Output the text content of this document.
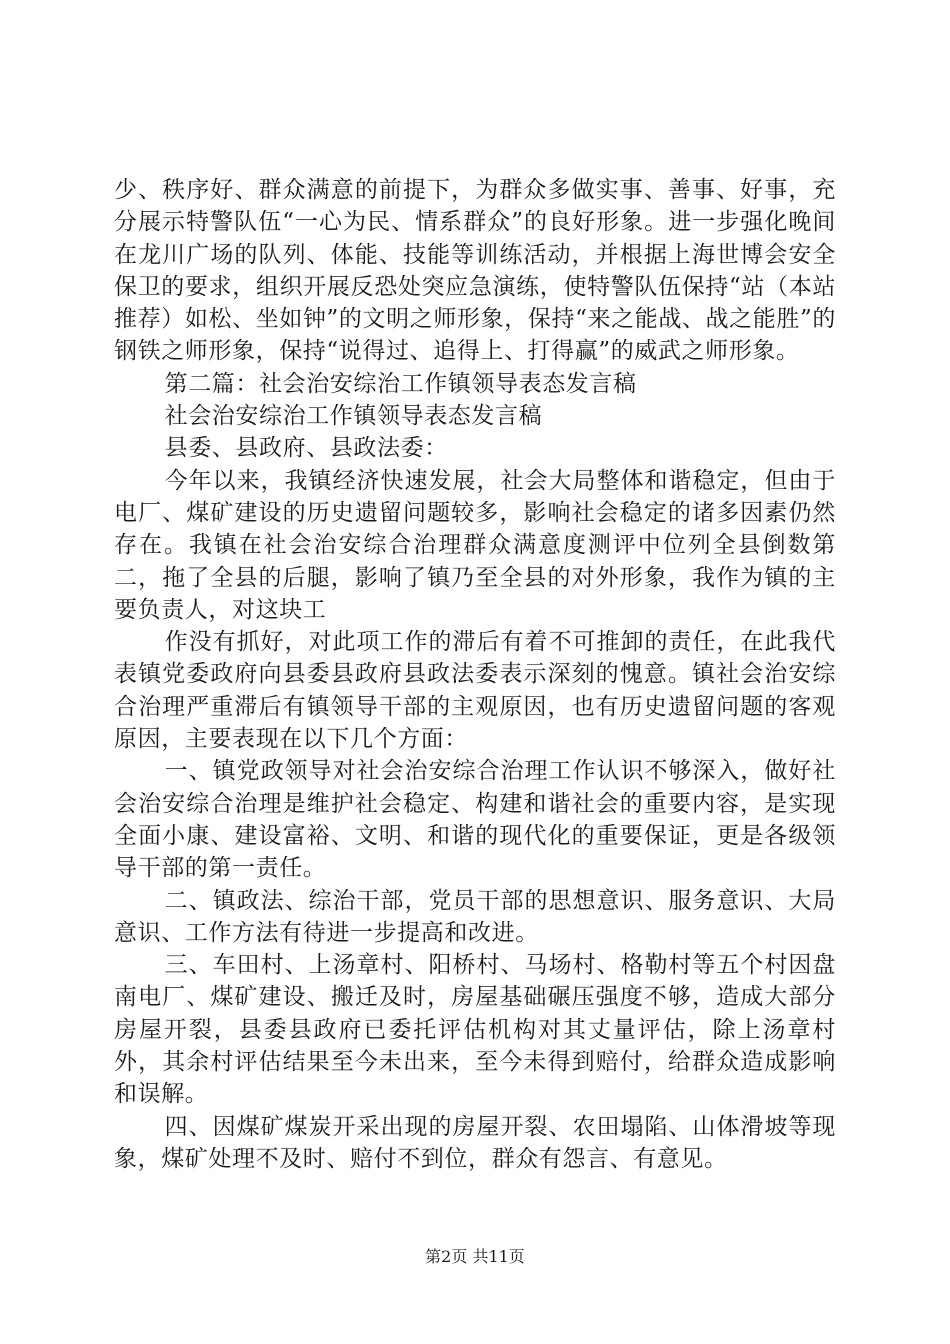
少、秩序好、群众满意的前提下，为群众多做实事、善事、好事，充分展示特警队伍“一心为民、情系群众”的良好形象。进一步强化晚间在龙川广场的队列、体能、技能等训练活动，并根据上海世博会安全保卫的要求，组织开展反恐处突应急演练，使特警队伍保持“站（本站推荐）如松、坐如钟”的文明之师形象，保持“来之能战、战之能胜”的钢铁之师形象，保持“说得过、追得上、打得赢”的威武之师形象。

第二篇：社会治安综治工作镇领导表态发言稿

社会治安综治工作镇领导表态发言稿

县委、县政府、县政法委：

今年以来，我镇经济快速发展，社会大局整体和谐稳定，但由于电厂、煤矿建设的历史遗留问题较多，影响社会稳定的诸多因素仍然存在。我镇在社会治安综合治理群众满意度测评中位列全县倒数第二，拖了全县的后腿，影响了镇乃至全县的对外形象，我作为镇的主要负责人，对这块工

作没有抓好，对此项工作的滞后有着不可推卸的责任，在此我代表镇党委政府向县委县政府县政法委表示深刻的愧意。镇社会治安综合治理严重滞后有镇领导干部的主观原因，也有历史遗留问题的客观原因，主要表现在以下几个方面：

一、镇党政领导对社会治安综合治理工作认识不够深入，做好社会治安综合治理是维护社会稳定、构建和谐社会的重要内容，是实现全面小康、建设富裕、文明、和谐的现代化的重要保证，更是各级领导干部的第一责任。

二、镇政法、综治干部，党员干部的思想意识、服务意识、大局意识、工作方法有待进一步提高和改进。

三、车田村、上汤章村、阳桥村、马场村、格勒村等五个村因盘南电厂、煤矿建设、搬迁及时，房屋基础碾压强度不够，造成大部分房屋开裂，县委县政府已委托评估机构对其丈量评估，除上汤章村外，其余村评估结果至今未出来，至今未得到赔付，给群众造成影响和误解。

四、因煤矿煤炭开采出现的房屋开裂、农田塌陷、山体滑坡等现象，煤矿处理不及时、赔付不到位，群众有怨言、有意见。

第2页 共11页
